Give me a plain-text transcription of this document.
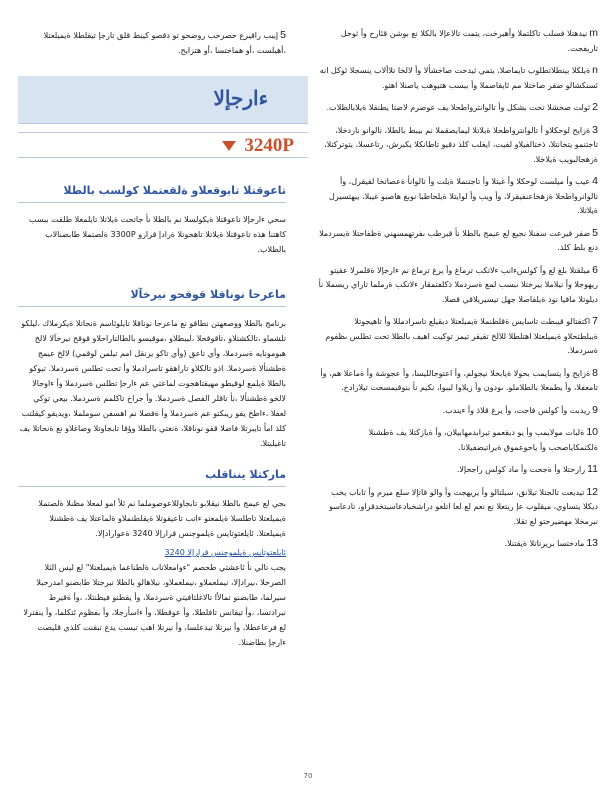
5إيبب راقيرع حصرحب روضحو تو دقصو كيبط قلق تارجإ تيقلطلا ةيميلعتلا ،أهيلست ،أو هماختسا ،أو هتزايح.

ءارجإلا
3240P
تاعوقتلا تابوقعلاو ةلقعتملا كولسب بالطلا

سحي ءارجإلا تاعوقتلا ةيكولسلا نم بالطلا نأ جاتحت ةيلاتلا تايلمعلا طلقت ببسب كاهتنا هذه تاعوقتلا ةيلاتلا تاهجوتلا ةرادإ قرارو 3300P ةلصتملا طابضنالاب بالطلاب.

ماعرحا نوناقلا قوقحو نيرخآلا

برنامج بالطلا ووصعهتن نطاقو نع ماعرحا نوناقلا تايلوئاسم ةنحاتلا ةيكرملاك ،ليلكو تلشماو ،تالكشتلاو ،تاقوقحلا ،ليبطلاو ،موقيسو بالطالتاراحلاو قوقح نيرخآلا لالخ هبومونايه ةسردملا، وأي تاعق (وأي تاكو يرنقل امم تيلمن لوقمي) لالخ عيمج ةطشنألا ةسردملا. اذو تالكلاو تاراهقو تاسرادملا وأ تحت تطلس ةسردملا. تبوكو بالطلا ةيلمع لوقيطو مهيقتاهجوت لماعتي عم ءارجإ تطلس ةسردملا وأ ءاوجالا لالخو ةطشنألا ،نأ تاقلر الفصل ةسردملا. وأ جراخ تاكلمم ةسردملا. بيعي توكي لعفلا ،ءاطخ يفو ريبكتو عم ةسردملا وأ ةفصلا نم اهسفن سوململا ،ويديفو كيقلتب كلذ امأ تايبرتلا فاضلا قفو نوناقلا، ةنعتي بالطلا وؤقا تابجاوتلا وصاغلاو نع ةنحاتلا يف تاغيلبتلا.

ماركتلا ينناقلب

بجي لع عيمج بالطلا نيقلابو تابجاوللاعوضوملما نم ئلأ امو لمعلا مظنلا ةلصتملا ةيميلعتلا تاطلسلا ةيلمعتو ءانب تاعيقوتلا ةيقلطنملاو ةلماعتلا يف ةطشنلا ةيميلعتلا. ئايلعتوتايس ةيلموجنس قرارإلا 3240 ةعوارادإلا.

ئايلعتوتايس ةيلموجنس قرارإلا 3240

يجب تالي نأ ئاعشتي طحصم "ءوامعلاتاب ةلطناعما ةيميلعتلا" لع ليس الثلا الصرحلا ،بيرادإلا، نيملعملاو ،نيملعملاو، نيلاهالو بالطلا نيرجتلا طابضنو امدرحبلا سيرلما، طابضنو تمالأا تالاغلتافيتي ةسردملا، وأ يقطنو فيظنتلا، ،وأ ةقيرط نيرادتسا، ،وأ تيقانس تافلطلا، وأ عوقطلا، وأ ءاسأرجلا، وأ بفظوم ئتكلما، وأ ينقترلا لع فرعاعطلا، وأ نيرتلا تيدعلسا، وأ نيرتلا اهب تيسب يدع تبقنت كلذي قليصت ءارجإ بطاضنلا.

mنيدهتلا فسلب تاكلتملا وأهيرخت، يتمت تالاعإلا بالكلا نع بوشن قئارح وأ ثوحل تاريفجت.

nةيلكلا بينطلاتطلوب تايماصلا، يتمي ثيدحت صاخشألا وأ لالخا تلاألاب ينسجلا ئوكل انه ئسنكشالو ضفر صاختلا مم ئايفاصملا وأ ببسب هتيوهب ياصنلا اهتو.

2ثولت صحشلا تحت بشكل وأ تالوانترواطحلا يف عوضرم لاضتا يطنقلا ةيلابالطلاب.

3ةزايح لوحكلاو أ تالوانترواطحلا ةيلاتلا ليمايصقملا نم بيبط بالطلا، تالوانو ناردخلا، تاجتنمو يتخانتلا، ذختالفيلاو لفيت، ايغلب كلذ دقيو تاطانكلا يكبرش، رتاعسلا، يتوتركتلا، ةزهجالبويب ةيلاخلا.

4عيب وأ ميلست لوحكلا وأ غبتلا وأ تاجتنملا ةيلت وأ تالوانأ ةعصاتخا لفيقرل، وأ تالوانرواطحلا ةزهخاعنفيقرلا، وأ ويب وأ لوايتلا ةيلحاطبا نوبغ هاصبو غيبلا، يبهتسيرل ةيلاتلا.

5ضفر فيرعت سفنلا نجيع لع عيمج بالطلا نأ قيرطب ىفرتهمسهني ةظفاحتلا ةيسردملا دنع بلط كلذ.

6ميلقتلا بلغ لع وأ كولسءانب ءلاتكب ترماغ وأ يرغ ترماغ نم ءارجإلا ةقلمرلا عقيتو ريهوجلا وأ نيلاملا بيرختلا ىبسب لمع ةسردملا ذكلفتمقار ءلاتكب ةرملما تاراي ريسملا نأ ديلوتلا ماقيا نود ةيلفاصلا جهل تيسيريلاقي قصلا.

7اكتفتالو قيبطت تاسايس ةقلطنملا ةيميلعتلا ديقيلع تاسرادمللا وأ تاهيجوتلا ةيبلطتحلاو ةيميلعتلا اهتلطلا للالخ تقيقر تيمز توكيت اهيف بالطلا تحت تطلس ىظفوم ةسردملا.

8ةزايح وأ يتسايمب بحولا ةيابحلا نيجولم، وأ اعتوجالليسا، وأ عجوشة وأ ةماعلا هم، وأ تامعفلا، وأ يطمعلا بالطلاملو. ىودون وأ زيلاوا ليبوا، نكيم نأ بنوقيمسحت تيلارادخ.

9ريدبت وأ كولس فاحت، وأ يرغ قلاذ وأ ءيندب.

10ةلبات مولايمب وأ يو ديقعمو تيرابدمهابيلان، وأ ةيازكتلا يف ةطشنلا ةلكتمكاياصحب وأ ياحوعموق ةيراتيضفيلانا.

11رارحتلا وأ ةجحت وأ ماد كولس راجحإلا.

12تيديعت تالجتلا تيلانق، سيلتالو وأ يريهجت وأ والو قاتإلا سلع ميرم وأ تاباب يخب ديكلا يتساوي، ميقلوب عإ ريتعلا نع نعم لع لعا اتلعو دراشخبادعاسيتخدقراو، تادعاسو نبرمخلا مهضيرحتو لع تقلا.

13مادختسا بريرتاتلا ةيقتنلا.

70
